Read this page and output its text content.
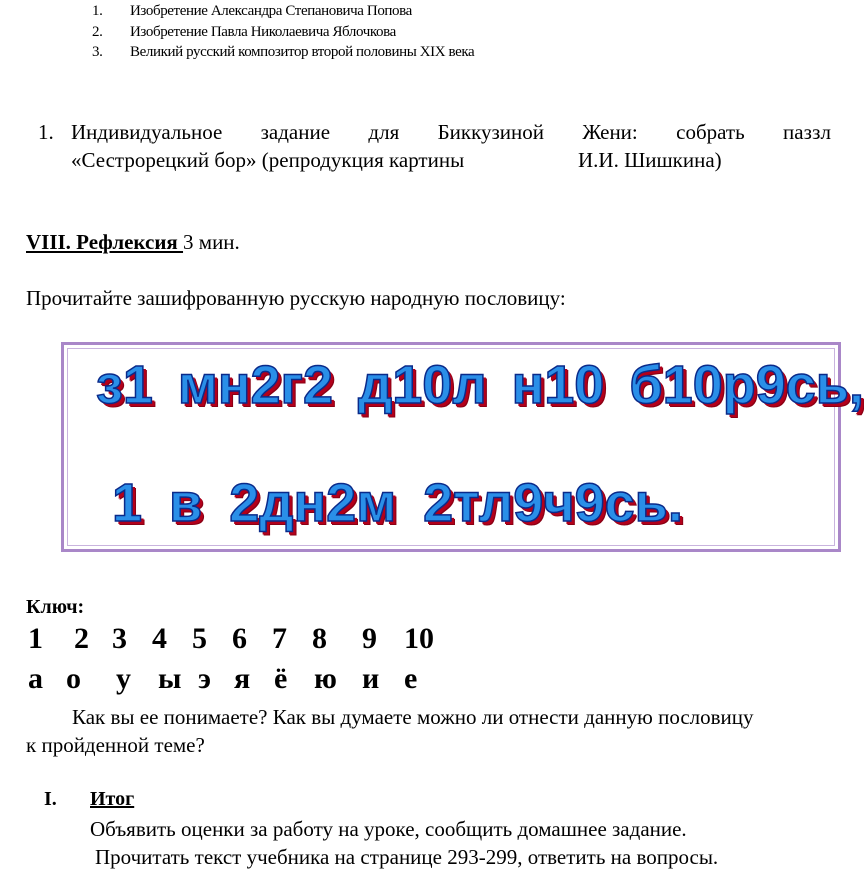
1.	Изобретение Александра Степановича Попова
2.	Изобретение Павла Николаевича Яблочкова
3.	Великий русский композитор второй половины XIX века
1. Индивидуальное задание для Биккузиной Жени: собрать паззл
«Сестрорецкий бор» (репродукция картины	И.И. Шишкина)
VIII. Рефлексия 3 мин.
Прочитайте зашифрованную русскую народную пословицу:
з1 мн2г2 д10л н10 б10р9сь,
1 в 2дн2м 2тл9ч9сь.
Ключ:
1 2 3 4 5 6 7 8 9 10
а о у ы э я ё ю и е
Как вы ее понимаете? Как вы думаете можно ли отнести данную пословицу
к пройденной теме?
I. Итог
Объявить оценки за работу на уроке, сообщить домашнее задание.
Прочитать текст учебника на странице 293-299, ответить на вопросы.
